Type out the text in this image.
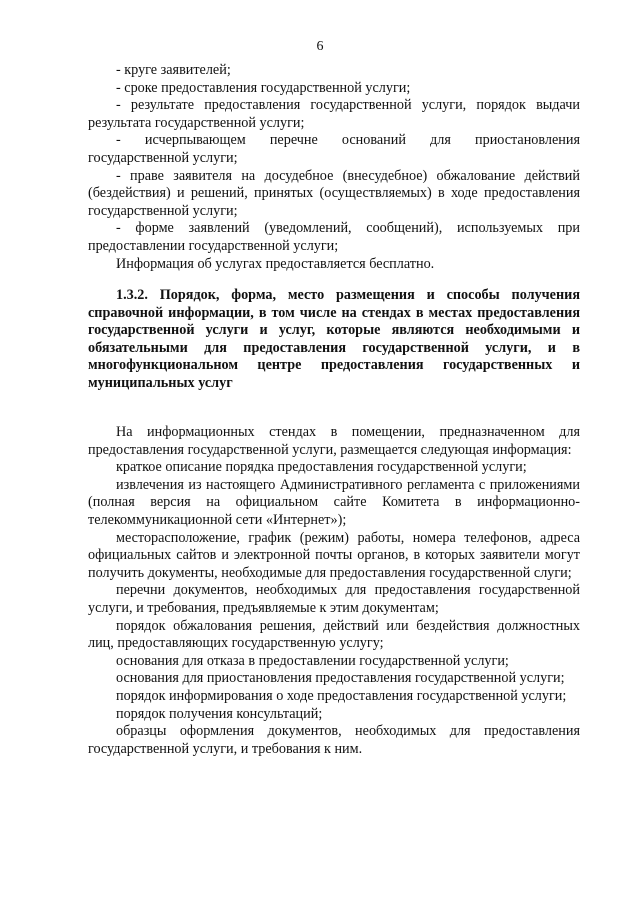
6

- круге заявителей;

- сроке предоставления государственной услуги;

- результате предоставления государственной услуги, порядок выдачи результата государственной услуги;

- исчерпывающем перечне оснований для приостановления государственной услуги;

- праве заявителя на досудебное (внесудебное) обжалование действий (бездействия) и решений, принятых (осуществляемых) в ходе предоставления государственной услуги;

- форме заявлений (уведомлений, сообщений), используемых при предоставлении государственной услуги;

Информация об услугах предоставляется бесплатно.

1.3.2. Порядок, форма, место размещения и способы получения справочной информации, в том числе на стендах в местах предоставления государственной услуги и услуг, которые являются необходимыми и обязательными для предоставления государственной услуги, и в многофункциональном центре предоставления государственных и муниципальных услуг

На информационных стендах в помещении, предназначенном для предоставления государственной услуги, размещается следующая информация:

краткое описание порядка предоставления государственной услуги;

извлечения из настоящего Административного регламента с приложениями (полная версия на официальном сайте Комитета в информационно-телекоммуникационной сети «Интернет»);

месторасположение, график (режим) работы, номера телефонов, адреса официальных сайтов и электронной почты органов, в которых заявители могут получить документы, необходимые для предоставления государственной слуги;

перечни документов, необходимых для предоставления государственной услуги, и требования, предъявляемые к этим документам;

порядок обжалования решения, действий или бездействия должностных лиц, предоставляющих государственную услугу;

основания для отказа в предоставлении государственной услуги;

основания для приостановления предоставления государственной услуги;

порядок информирования о ходе предоставления государственной услуги;

порядок получения консультаций;

образцы оформления документов, необходимых для предоставления государственной услуги, и требования к ним.
